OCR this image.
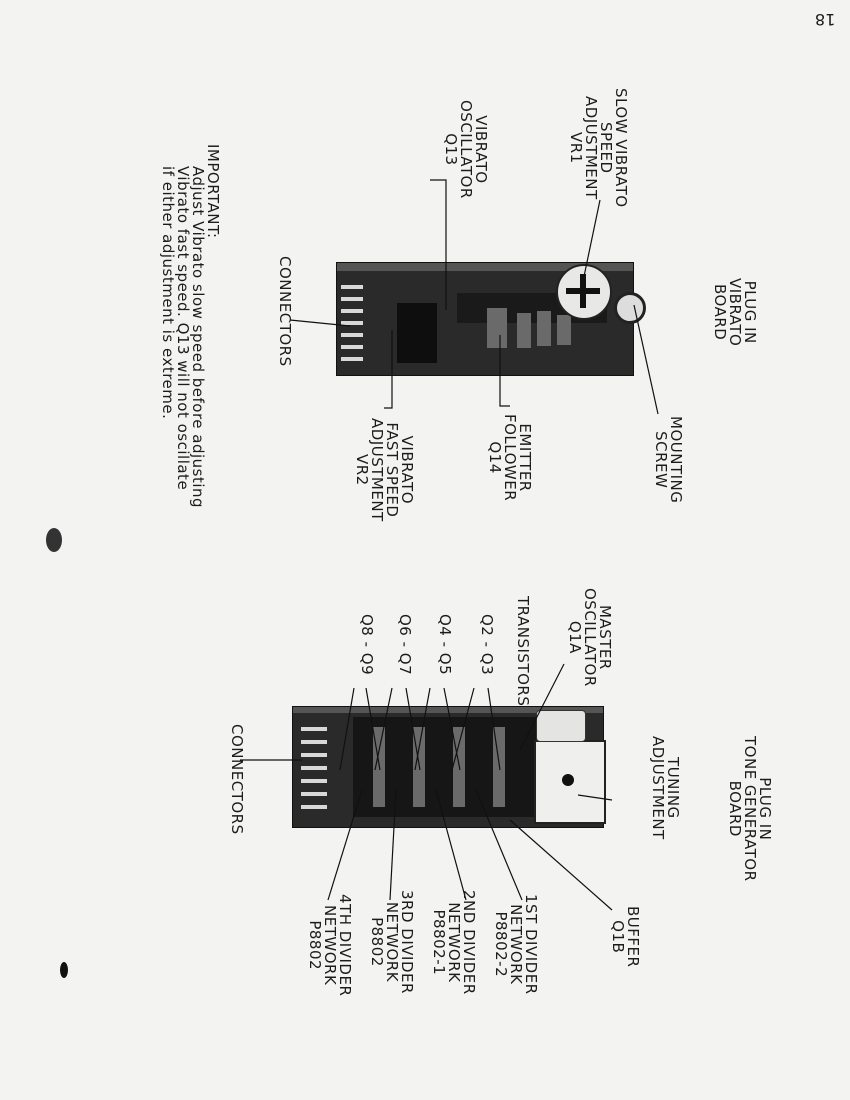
18
PLUG IN
VIBRATO
BOARD
MOUNTING
SCREW
SLOW VIBRATO
SPEED
ADJUSTMENT
VR1
VIBRATO
OSCILLATOR
Q13
CONNECTORS
EMITTER
FOLLOWER
Q14
VIBRATO
FAST SPEED
ADJUSTMENT
VR2
IMPORTANT:
Adjust Vibrato slow speed before adjusting
Vibrato fast speed. Q13 will not oscillate
if either adjustment is extreme.
PLUG IN
TONE GENERATOR
BOARD
TUNING
ADJUSTMENT
MASTER
OSCILLATOR
Q1A
TRANSISTORS
Q2 - Q3
Q4 - Q5
Q6 - Q7
Q8 - Q9
CONNECTORS
BUFFER
Q1B
1ST DIVIDER
NETWORK
P8802-2
2ND DIVIDER
NETWORK
P8802-1
3RD DIVIDER
NETWORK
P8802
4TH DIVIDER
NETWORK
P8802
